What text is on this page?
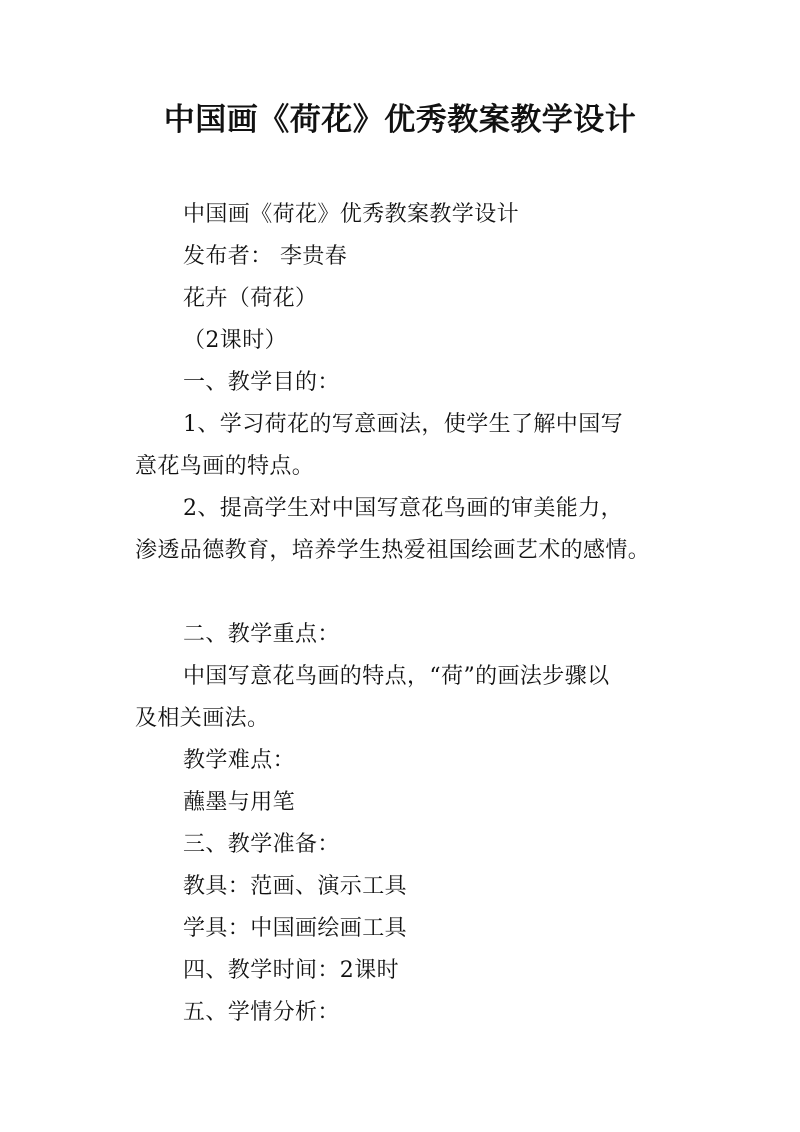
中国画《荷花》优秀教案教学设计
中国画《荷花》优秀教案教学设计
发布者： 李贵春
花卉（荷花）
（2课时）
一、教学目的：
1、学习荷花的写意画法，使学生了解中国写
意花鸟画的特点。
2、提高学生对中国写意花鸟画的审美能力，
渗透品德教育，培养学生热爱祖国绘画艺术的感情。
二、教学重点：
中国写意花鸟画的特点，“荷”的画法步骤以
及相关画法。
教学难点：
蘸墨与用笔
三、教学准备：
教具：范画、演示工具
学具：中国画绘画工具
四、教学时间：2课时
五、学情分析：
